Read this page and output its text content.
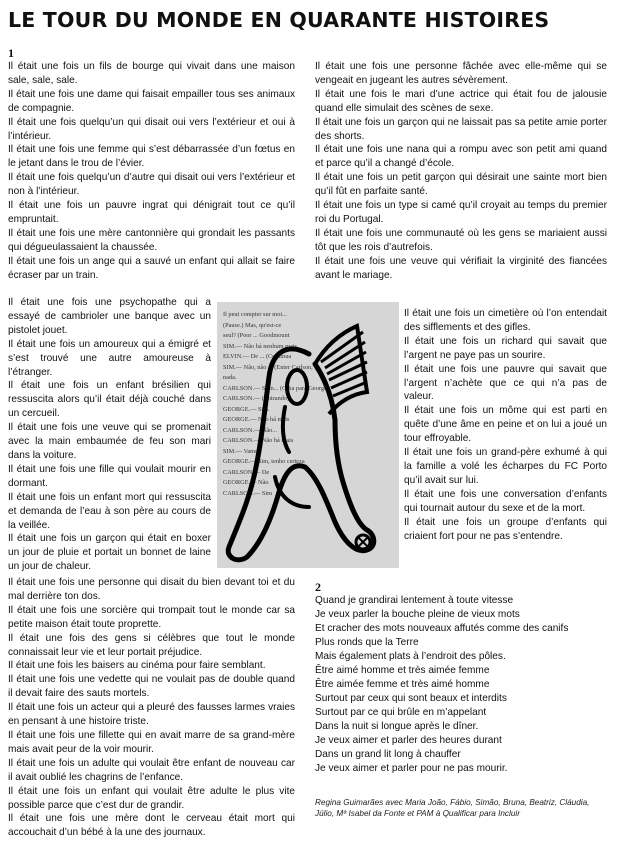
LE TOUR DU MONDE EN QUARANTE HISTOIRES
1

Il était une fois un fils de bourge qui vivait dans une maison sale, sale, sale.

Il était une fois une dame qui faisait empailler tous ses animaux de compagnie.

Il était une fois quelqu’un qui disait oui vers l’extérieur et oui à l’intérieur.

Il était une fois une femme qui s’est débarrassée d’un fœtus en le jetant dans le trou de l’évier.

Il était une fois quelqu’un d’autre qui disait oui vers l’extérieur et non à l’intérieur.

Il était une fois un pauvre ingrat qui dénigrait tout ce qu’il empruntait.

Il était une fois une mère cantonnière qui grondait les passants qui dégueulassaient la chaussée.

Il était une fois un ange qui a sauvé un enfant qui allait se faire écraser par un train.

Il était une fois une psychopathe qui a essayé de cambrioler une banque avec un pistolet jouet.

Il était une fois un amoureux qui a émigré et s’est trouvé une autre amoureuse à l’étranger.

Il était une fois un enfant brésilien qui ressuscita alors qu’il était déjà couché dans un cercueil.

Il était une fois une veuve qui se promenait avec la main embaumée de feu son mari dans la voiture.

Il était une fois une fille qui voulait mourir en dormant.

Il était une fois un enfant mort qui ressuscita et demanda de l’eau à son père au cours de la veillée.

Il était une fois un garçon qui était en boxer un jour de pluie et portait un bonnet de laine un jour de chaleur.

Il était une fois une personne qui disait du bien devant toi et du mal derrière ton dos.

Il était une fois une sorcière qui trompait tout le monde car sa petite maison était toute proprette.

Il était une fois des gens si célèbres que tout le monde connaissait leur vie et leur portait préjudice.

Il était une fois les baisers au cinéma pour faire semblant.

Il était une fois une vedette qui ne voulait pas de double quand il devait faire des sauts mortels.

Il était une fois un acteur qui a pleuré des fausses larmes vraies en pensant à une histoire triste.

Il était une fois une fillette qui en avait marre de sa grand-mère mais avait peur de la voir mourir.

Il était une fois un adulte qui voulait être enfant de nouveau car il avait oublié les chagrins de l’enfance.

Il était une fois un enfant qui voulait être adulte le plus vite possible parce que c’est dur de grandir.

Il était une fois une mère dont le cerveau était mort qui accouchait d’un bébé à la une des journaux.

Il était une fois une personne fâchée avec elle-même qui se vengeait en jugeant les autres sévèrement.

Il était une fois le mari d’une actrice qui était fou de jalousie quand elle simulait des scènes de sexe.

Il était une fois un garçon qui ne laissait pas sa petite amie porter des shorts.

Il était une fois une nana qui a rompu avec son petit ami quand et parce qu’il a changé d’école.

Il était une fois un petit garçon qui désirait une sainte mort bien qu’il fût en parfaite santé.

Il était une fois un type si camé qu’il croyait au temps du premier roi du Portugal.

Il était une fois une communauté où les gens se mariaient aussi tôt que les rois d’autrefois.

Il était une fois une veuve qui vérifiait la virginité des fiancées avant le mariage.

Il était une fois un cimetière où l’on entendait des sifflements et des gifles.

Il était une fois un richard qui savait que l’argent ne paye pas un sourire.

Il était une fois une pauvre qui savait que l’argent n’achète que ce qui n’a pas de valeur.

Il était une fois un môme qui est parti en quête d’une âme en peine et on lui a joué un tour effroyable.

Il était une fois un grand-père exhumé à qui la famille a volé les écharpes du FC Porto qu’il avait sur lui.

Il était une fois une conversation d’enfants qui tournait autour du sexe et de la mort.

Il était une fois un groupe d’enfants qui criaient fort pour ne pas s’entendre.

Il peut compter sur moi...
(Pause.) Mas, qu'est-ce
seul? (Poor ... Goodmount
SIM.— Não há nenhum mais
ELVIN.— De ... (Continua
SIM.— Não, não ... (Enter Carlson,
nada.
CARLSON.— Slim... (Olha para George
CARLSON.— (Entrando)
GEORGE.— Sim.
GEORGE.— Não há mais
CARLSON.— Não...
CARLSON.— Não há mais
SIM.— Vamos
GEORGE.— Sim, tenho certeza
CARLSON.— De
GEORGE.— Não
CARLSON.— Sim
2

Quand je grandirai lentement à toute vitesse

Je veux parler la bouche pleine de vieux mots

Et cracher des mots nouveaux affutés comme des canifs

Plus ronds que la Terre

Mais également plats à l’endroit des pôles.

Être aimé homme et très aimée femme

Être aimée femme et très aimé homme

Surtout par ceux qui sont beaux et interdits

Surtout par ce qui brûle en m’appelant

Dans la nuit si longue après le dîner.

Je veux aimer et parler des heures durant

Dans un grand lit long à chauffer

Je veux aimer et parler pour ne pas mourir.

Regina Guimarães avec Maria João, Fábio, Simão, Bruna, Beatriz, Cláudia, Júlio, Mª Isabel da Fonte et PAM à Qualificar para Incluir
